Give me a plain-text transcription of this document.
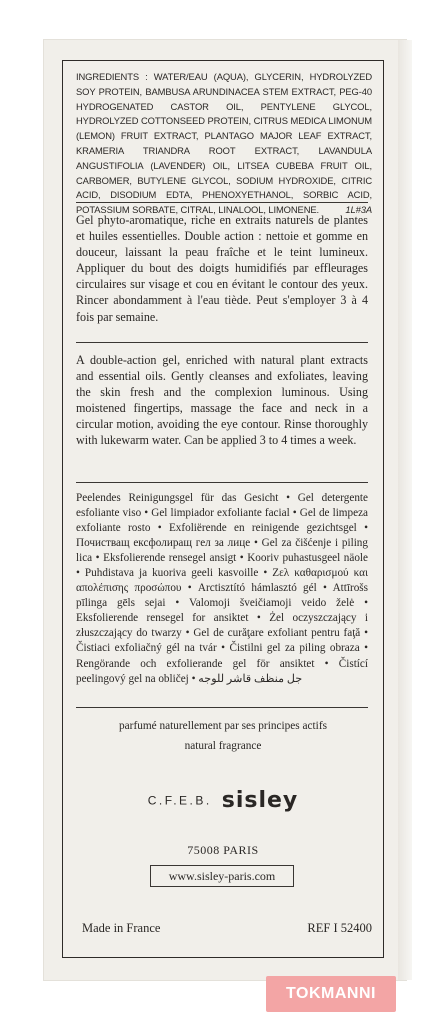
INGREDIENTS : WATER/EAU (AQUA), GLYCERIN, HYDROLYZED SOY PROTEIN, BAMBUSA ARUNDINACEA STEM EXTRACT, PEG-40 HYDROGENATED CASTOR OIL, PENTYLENE GLYCOL, HYDROLYZED COTTONSEED PROTEIN, CITRUS MEDICA LIMONUM (LEMON) FRUIT EXTRACT, PLANTAGO MAJOR LEAF EXTRACT, KRAMERIA TRIANDRA ROOT EXTRACT, LAVANDULA ANGUSTIFOLIA (LAVENDER) OIL, LITSEA CUBEBA FRUIT OIL, CARBOMER, BUTYLENE GLYCOL, SODIUM HYDROXIDE, CITRIC ACID, DISODIUM EDTA, PHENOXYETHANOL, SORBIC ACID, POTASSIUM SORBATE, CITRAL, LINALOOL, LIMONENE.	1L#3A
Gel phyto-aromatique, riche en extraits naturels de plantes et huiles essentielles. Double action : nettoie et gomme en douceur, laissant la peau fraîche et le teint lumineux. Appliquer du bout des doigts humidifiés par effleurages circulaires sur visage et cou en évitant le contour des yeux. Rincer abondamment à l'eau tiède. Peut s'employer 3 à 4 fois par semaine.
A double-action gel, enriched with natural plant extracts and essential oils. Gently cleanses and exfoliates, leaving the skin fresh and the complexion luminous. Using moistened fingertips, massage the face and neck in a circular motion, avoiding the eye contour. Rinse thoroughly with lukewarm water. Can be applied 3 to 4 times a week.
Peelendes Reinigungsgel für das Gesicht • Gel detergente esfoliante viso • Gel limpiador exfoliante facial • Gel de limpeza exfoliante rosto • Exfoliërende en reinigende gezichtsgel • Почистващ ексфолиращ гел за лице • Gel za čišćenje i piling lica • Eksfolierende rensegel ansigt • Kooriv puhastusgeel näole • Puhdistava ja kuoriva geeli kasvoille • Ζελ καθαρισμού και απολέπισης προσώπου • Arctisztító hámlasztó gél • Attīrošs pīlinga gēls sejai • Valomoji šveičiamoji veido želė • Eksfolierende rensegel for ansiktet • Żel oczyszczający i złuszczający do twarzy • Gel de curăţare exfoliant pentru faţă • Čistiaci exfoliačný gél na tvár • Čistilni gel za piling obraza • Rengörande och exfolierande gel för ansiktet • Čistící peelingový gel na obličej • جل منظف قاشر للوجه
parfumé naturellement par ses principes actifs
natural fragrance
C.F.E.B. sisley
75008 PARIS
www.sisley-paris.com
Made in France	REF I 52400
TOKMANNI
